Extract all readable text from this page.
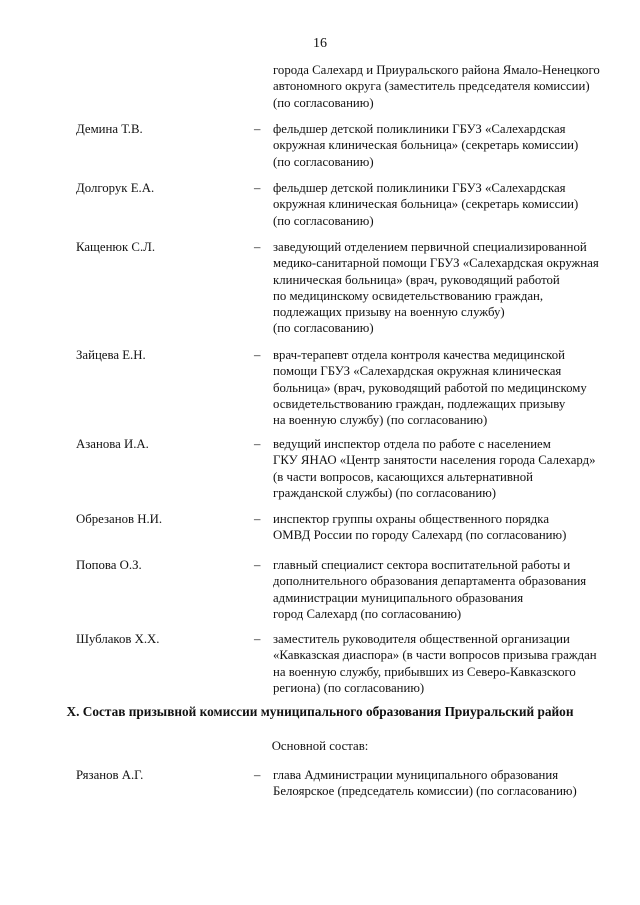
16
города Салехард и Приуральского района Ямало-Ненецкого
автономного округа (заместитель председателя комиссии)
(по согласованию)
Демина Т.В.	– фельдшер детской поликлиники ГБУЗ «Салехардская
окружная клиническая больница» (секретарь комиссии)
(по согласованию)
Долгорук Е.А.	– фельдшер детской поликлиники ГБУЗ «Салехардская
окружная клиническая больница» (секретарь комиссии)
(по согласованию)
Кащенюк С.Л.	– заведующий отделением первичной специализированной
медико-санитарной помощи ГБУЗ «Салехардская окружная
клиническая больница» (врач, руководящий работой
по медицинскому освидетельствованию граждан,
подлежащих призыву на военную службу)
(по согласованию)
Зайцева Е.Н.	– врач-терапевт отдела контроля качества медицинской
помощи ГБУЗ «Салехардская окружная клиническая
больница» (врач, руководящий работой по медицинскому
освидетельствованию граждан, подлежащих призыву
на военную службу) (по согласованию)
Азанова И.А.	– ведущий инспектор отдела по работе с населением
ГКУ ЯНАО «Центр занятости населения города Салехард»
(в части вопросов, касающихся альтернативной
гражданской службы) (по согласованию)
Обрезанов Н.И.	– инспектор группы охраны общественного порядка
ОМВД России по городу Салехард (по согласованию)
Попова О.З.	– главный специалист сектора воспитательной работы и
дополнительного образования департамента образования
администрации муниципального образования
город Салехард (по согласованию)
Шублаков Х.Х.	– заместитель руководителя общественной организации
«Кавказская диаспора» (в части вопросов призыва граждан
на военную службу, прибывших из Северо-Кавказского
региона) (по согласованию)
X. Состав призывной комиссии муниципального образования Приуральский район
Основной состав:
Рязанов А.Г.	– глава Администрации муниципального образования
Белоярское (председатель комиссии) (по согласованию)
